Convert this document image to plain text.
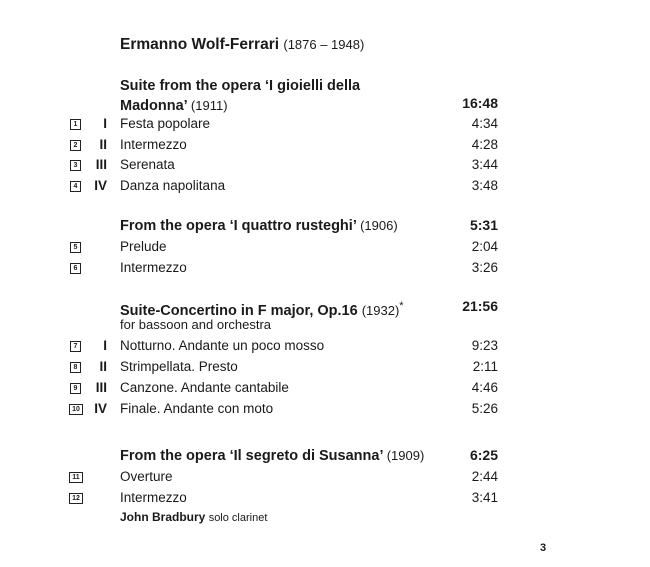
Ermanno Wolf-Ferrari (1876 – 1948)
Suite from the opera ‘I gioielli della
Madonna’ (1911)	16:48
1	I Festa popolare	4:34
2	II Intermezzo	4:28
3	III Serenata	3:44
4	IV Danza napolitana	3:48
From the opera ‘I quattro rusteghi’ (1906)	5:31
5	Prelude	2:04
6	Intermezzo	3:26
Suite-Concertino in F major, Op.16 (1932)*	21:56
for bassoon and orchestra
7	I Notturno. Andante un poco mosso	9:23
8	II Strimpellata. Presto	2:11
9	III Canzone. Andante cantabile	4:46
10	IV Finale. Andante con moto	5:26
From the opera ‘Il segreto di Susanna’ (1909)	6:25
11	Overture	2:44
12	Intermezzo	3:41
John Bradbury solo clarinet
3
